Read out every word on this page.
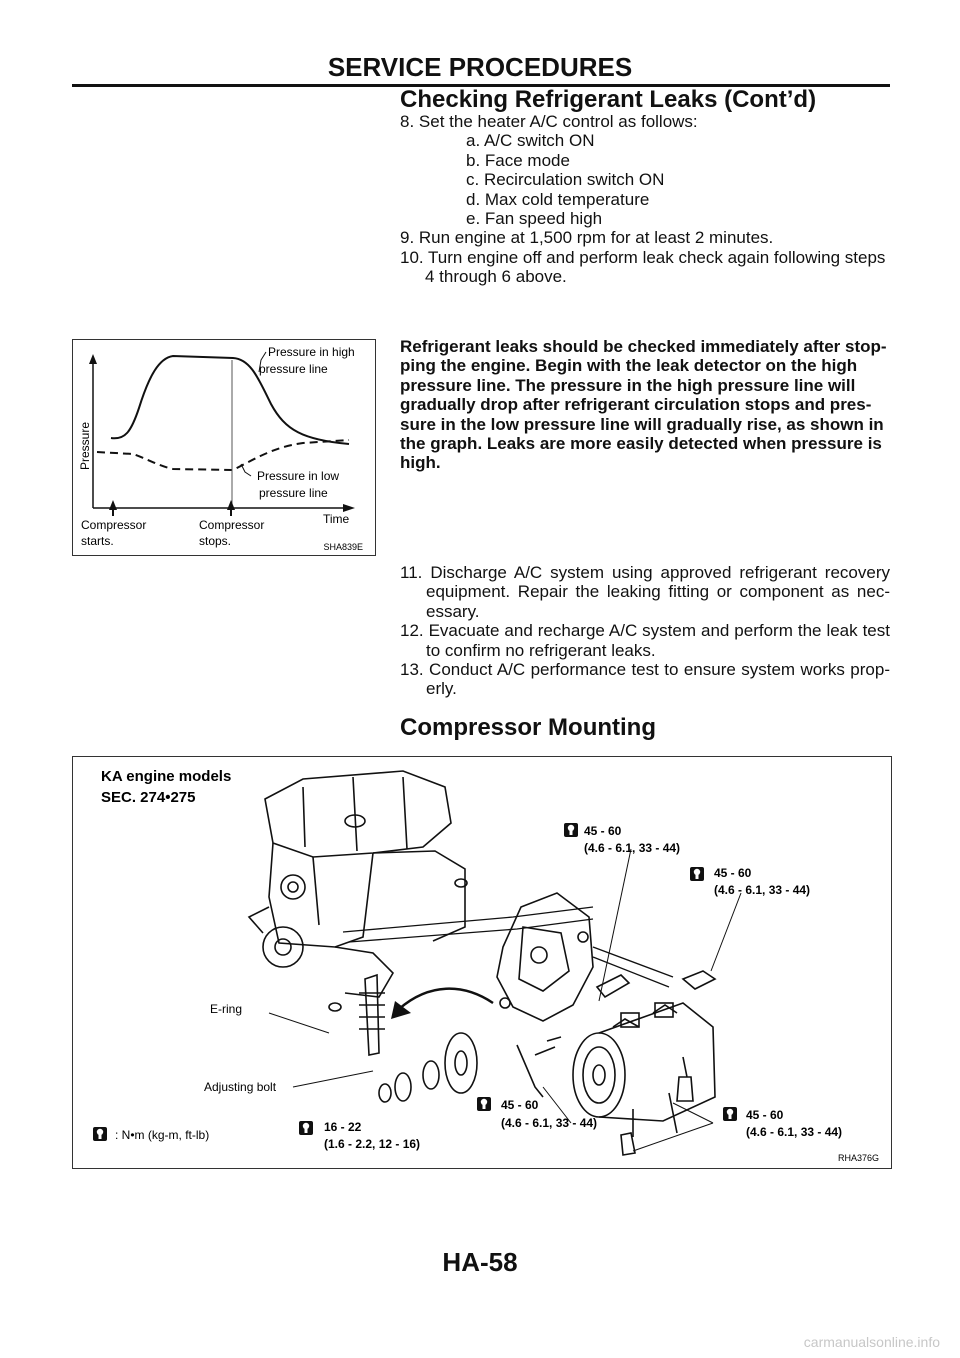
SERVICE PROCEDURES
Checking Refrigerant Leaks (Cont’d)
8. Set the heater A/C control as follows:
a. A/C switch ON
b. Face mode
c. Recirculation switch ON
d. Max cold temperature
e. Fan speed high
9. Run engine at 1,500 rpm for at least 2 minutes.
10. Turn engine off and perform leak check again following steps
4 through 6 above.
Pressure
Time
Pressure in high
pressure line
Pressure in low
pressure line
Compressor
starts.
Compressor
stops.	SHA839E
Refrigerant leaks should be checked immediately after stop-
ping the engine. Begin with the leak detector on the high
pressure line. The pressure in the high pressure line will
gradually drop after refrigerant circulation stops and pres-
sure in the low pressure line will gradually rise, as shown in
the graph. Leaks are more easily detected when pressure is
high.
11. Discharge A/C system using approved refrigerant recovery equipment. Repair the leaking fitting or component as nec- essary.
12. Evacuate and recharge A/C system and perform the leak test to confirm no refrigerant leaks.
13. Conduct A/C performance test to ensure system works prop- erly.
Compressor Mounting
KA engine models
SEC. 274•275
45 - 60
(4.6 - 6.1, 33 - 44)
45 - 60
(4.6 - 6.1, 33 - 44)
E-ring
Adjusting bolt
: N•m (kg-m, ft-lb)
16 - 22
(1.6 - 2.2, 12 - 16)
45 - 60
(4.6 - 6.1, 33 - 44)
45 - 60
(4.6 - 6.1, 33 - 44)
RHA376G
HA-58
carmanualsonline.info
